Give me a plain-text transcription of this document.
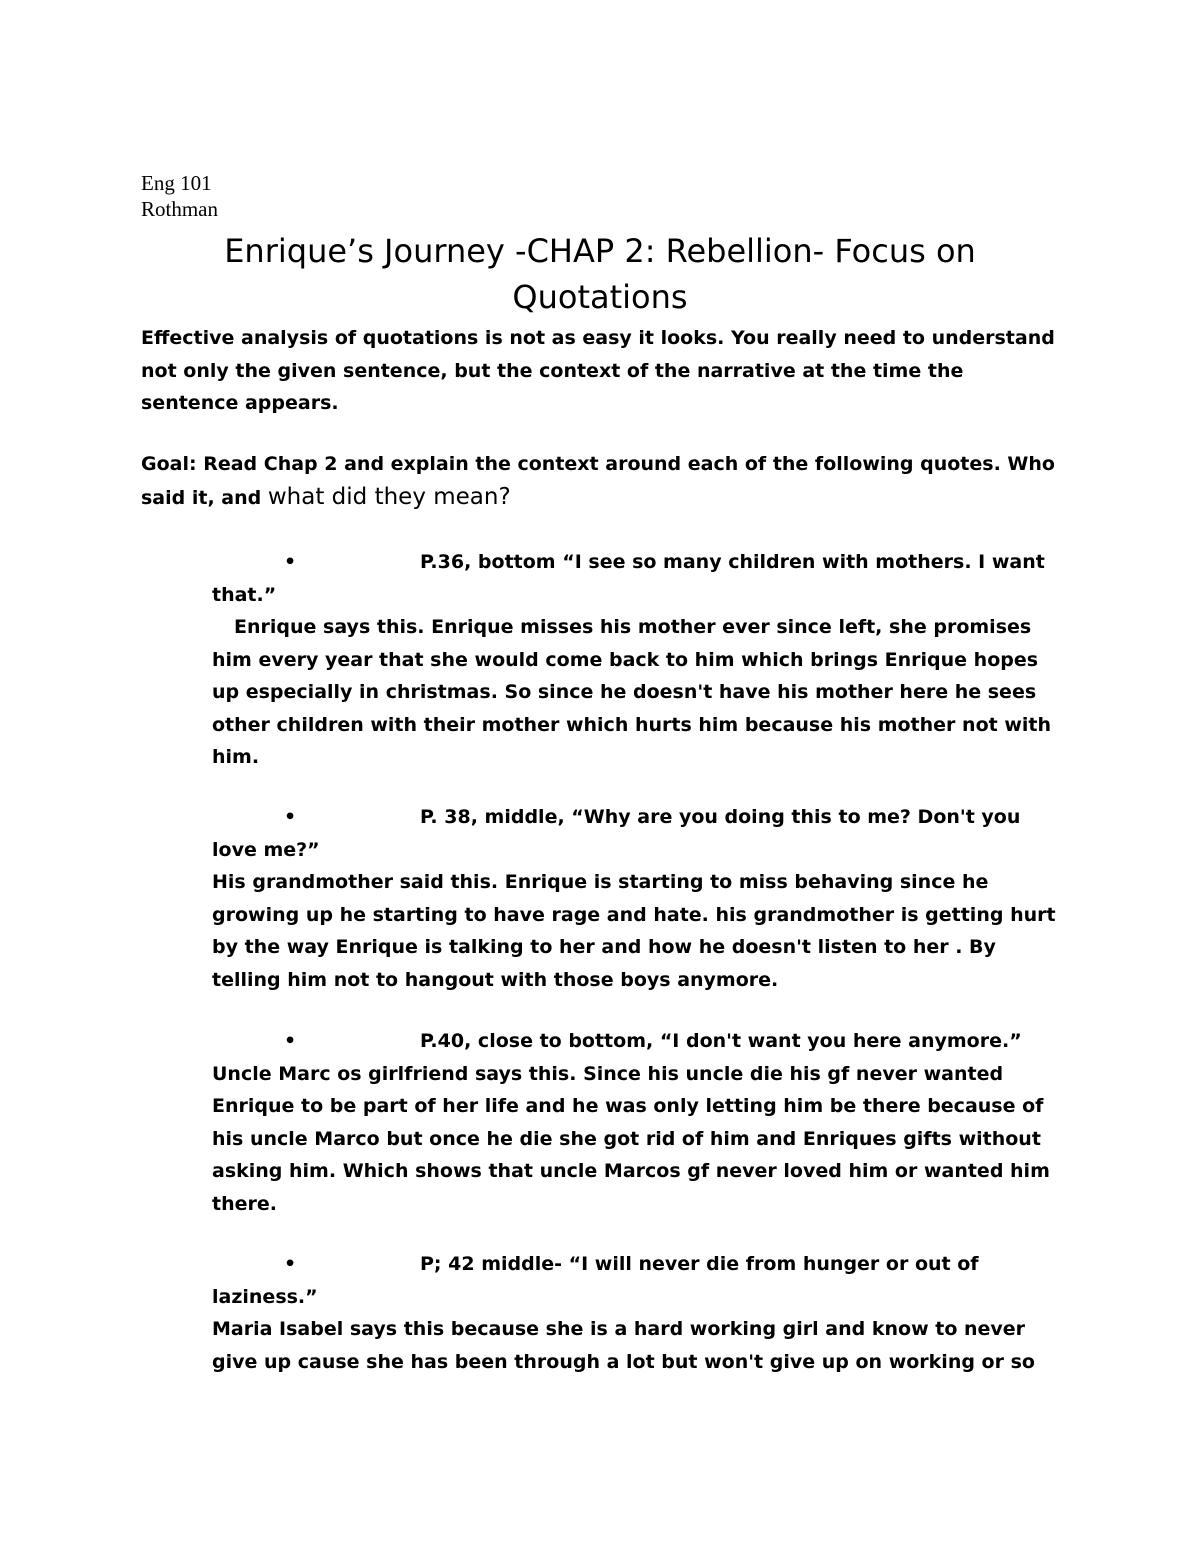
Eng 101
Rothman
Enrique’s Journey -CHAP 2: Rebellion- Focus on Quotations
Effective analysis of quotations is not as easy it looks. You really need to understand not only the given sentence, but the context of the narrative at the time the sentence appears.
Goal: Read Chap 2 and explain the context around each of the following quotes. Who said it, and what did they mean?
•	P.36, bottom “I see so many children with mothers. I want that.”
Enrique says this. Enrique misses his mother ever since left, she promises him every year that she would come back to him which brings Enrique hopes up especially in christmas. So since he doesn't have his mother here he sees other children with their mother which hurts him because his mother not with him.
•	P. 38, middle, “Why are you doing this to me? Don't you love me?”
His grandmother said this. Enrique is starting to miss behaving since he growing up he starting to have rage and hate. his grandmother is getting hurt by the way Enrique is talking to her and how he doesn't listen to her . By telling him not to hangout with those boys anymore.
•	P.40, close to bottom, “I don't want you here anymore.”
Uncle Marc os girlfriend says this. Since his uncle die his gf never wanted Enrique to be part of her life and he was only letting him be there because of his uncle Marco but once he die she got rid of him and Enriques gifts without asking him. Which shows that uncle Marcos gf never loved him or wanted him there.
•	P; 42 middle- “I will never die from hunger or out of laziness.”
Maria Isabel says this because she is a hard working girl and know to never give up cause she has been through a lot but won't give up on working or so
